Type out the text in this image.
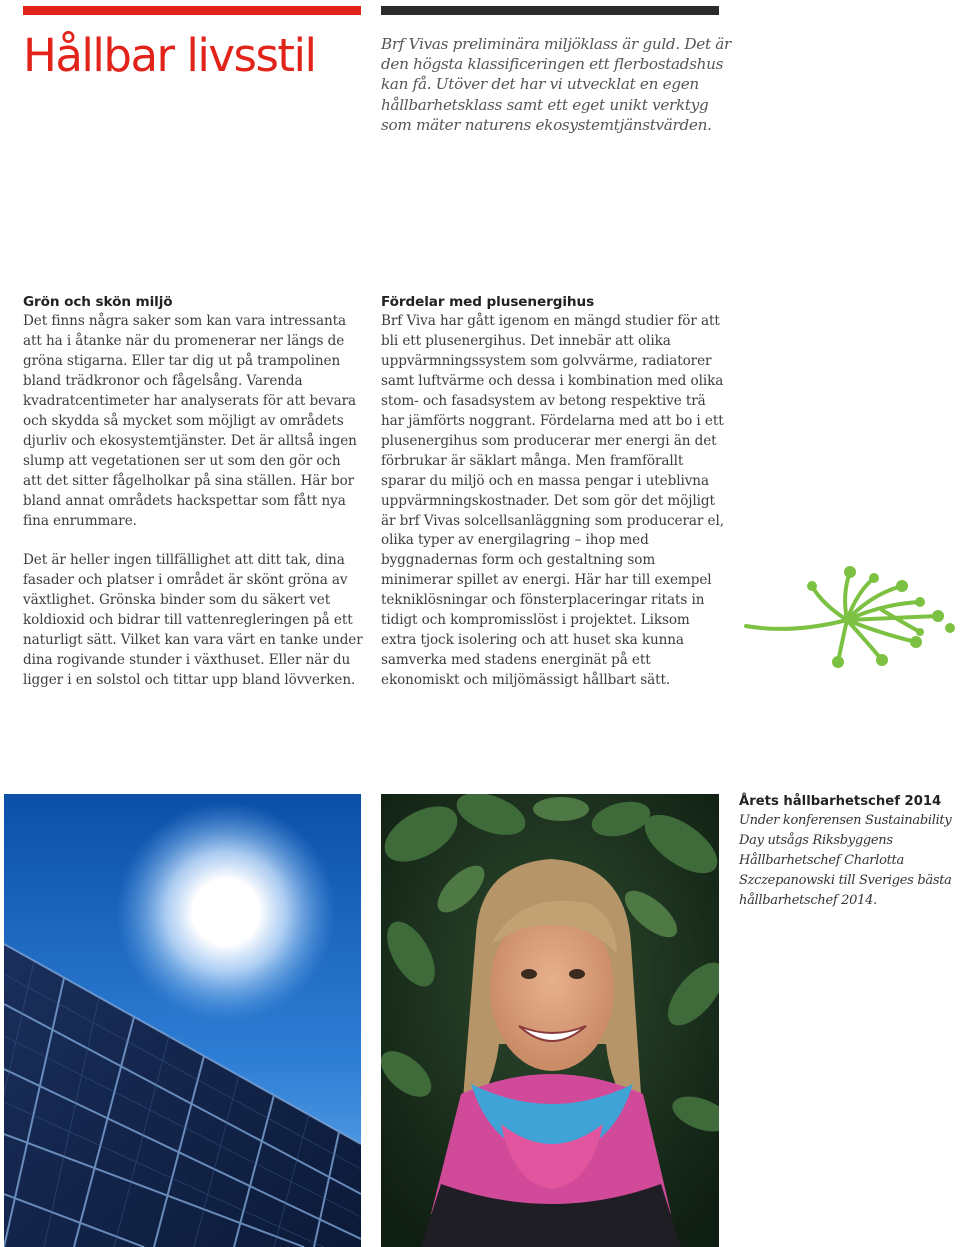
Hållbar livsstil	Brf Vivas preliminära miljöklass är guld. Det är den högsta klassificeringen ett flerbostadshus kan få. Utöver det har vi utvecklat en egen hållbarhetsklass samt ett eget unikt verktyg som mäter naturens ekosystemtjänstvärden.

Grön och skön miljö

Det finns några saker som kan vara intressanta att ha i åtanke när du promenerar ner längs de gröna stigarna. Eller tar dig ut på trampolinen bland trädkronor och fågelsång. Varenda kvadratcentimeter har analyserats för att bevara och skydda så mycket som möjligt av områdets djurliv och ekosystemtjänster. Det är alltså ingen slump att vegetationen ser ut som den gör och att det sitter fågelholkar på sina ställen. Här bor bland annat områdets hackspettar som fått nya fina enrummare.

Det är heller ingen tillfällighet att ditt tak, dina fasader och platser i området är skönt gröna av växtlighet. Grönska binder som du säkert vet koldioxid och bidrar till vattenregleringen på ett naturligt sätt. Vilket kan vara värt en tanke under dina rogivande stunder i växthuset. Eller när du ligger i en solstol och tittar upp bland lövverken.

Fördelar med plusenergihus

Brf Viva har gått igenom en mängd studier för att bli ett plusenergihus. Det innebär att olika uppvärmningssystem som golvvärme, radiatorer samt luftvärme och dessa i kombination med olika stom- och fasadsystem av betong respektive trä har jämförts noggrant. Fördelarna med att bo i ett plusenergihus som producerar mer energi än det förbrukar är säklart många. Men framförallt sparar du miljö och en massa pengar i uteblivna uppvärmningskostnader. Det som gör det möjligt är brf Vivas solcellsanläggning som producerar el, olika typer av energilagring – ihop med byggnadernas form och gestaltning som minimerar spillet av energi. Här har till exempel tekniklösningar och fönsterplaceringar ritats in tidigt och kompromisslöst i projektet. Liksom extra tjock isolering och att huset ska kunna samverka med stadens energinät på ett ekonomiskt och miljömässigt hållbart sätt.

Årets hållbarhetschef 2014

Under konferensen Sustainability Day utsågs Riksbyggens Hållbarhetschef Charlotta Szczepanowski till Sveriges bästa hållbarhetschef 2014.
